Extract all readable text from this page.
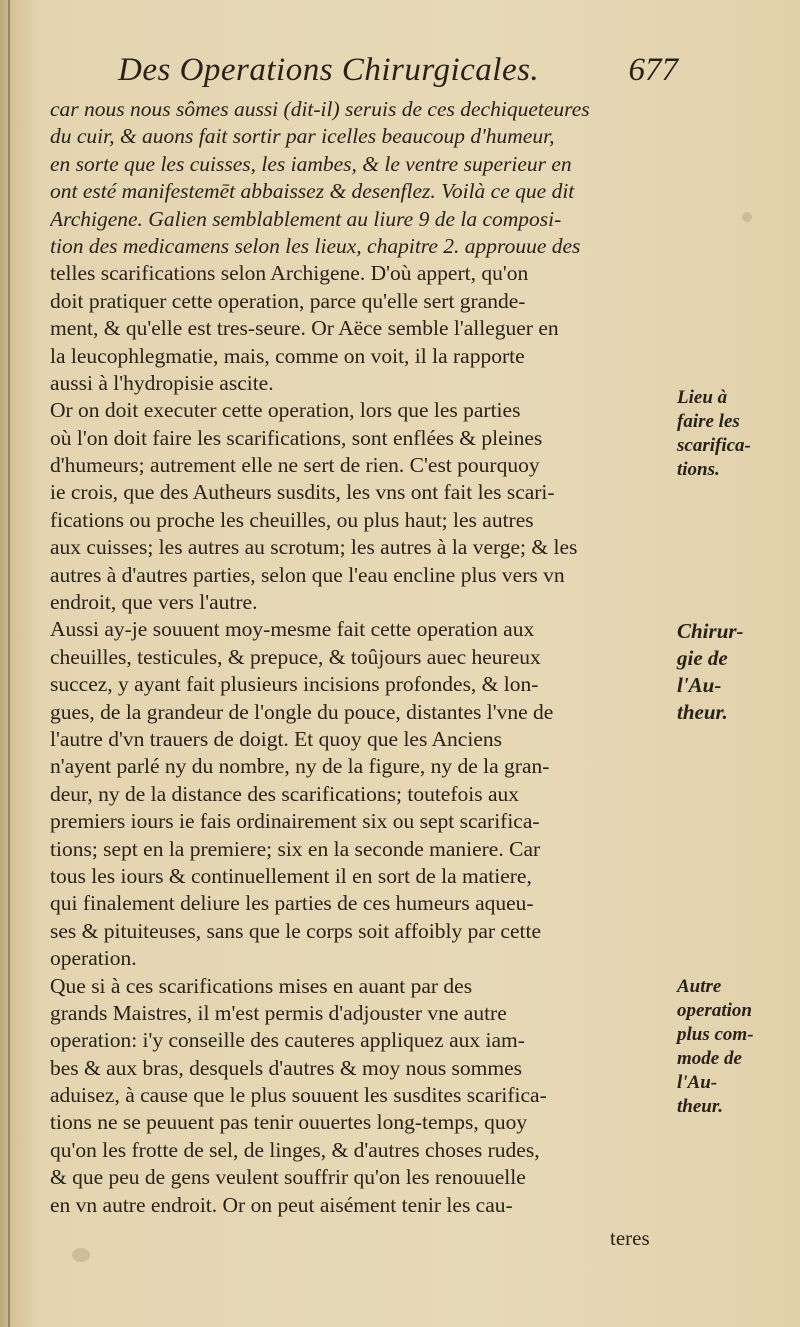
Des Operations Chirurgicales.	677
car nous nous sômes aussi (dit-il) seruis de ces dechiqueteures
du cuir, & auons fait sortir par icelles beaucoup d'humeur,
en sorte que les cuisses, les iambes, & le ventre superieur en
ont esté manifestemēt abbaissez & desenflez. Voilà ce que dit
Archigene. Galien semblablement au liure 9 de la composi-
tion des medicamens selon les lieux, chapitre 2. approuue des
telles scarifications selon Archigene. D'où appert, qu'on
doit pratiquer cette operation, parce qu'elle sert grande-
ment, & qu'elle est tres-seure. Or Aëce semble l'alleguer en
la leucophlegmatie, mais, comme on voit, il la rapporte
aussi à l'hydropisie ascite.
Or on doit executer cette operation, lors que les parties
où l'on doit faire les scarifications, sont enflées & pleines
d'humeurs; autrement elle ne sert de rien. C'est pourquoy
ie crois, que des Autheurs susdits, les vns ont fait les scari-
fications ou proche les cheuilles, ou plus haut; les autres
aux cuisses; les autres au scrotum; les autres à la verge; & les
autres à d'autres parties, selon que l'eau encline plus vers vn
endroit, que vers l'autre.
Aussi ay-je souuent moy-mesme fait cette operation aux
cheuilles, testicules, & prepuce, & toûjours auec heureux
succez, y ayant fait plusieurs incisions profondes, & lon-
gues, de la grandeur de l'ongle du pouce, distantes l'vne de
l'autre d'vn trauers de doigt. Et quoy que les Anciens
n'ayent parlé ny du nombre, ny de la figure, ny de la gran-
deur, ny de la distance des scarifications; toutefois aux
premiers iours ie fais ordinairement six ou sept scarifica-
tions; sept en la premiere; six en la seconde maniere. Car
tous les iours & continuellement il en sort de la matiere,
qui finalement deliure les parties de ces humeurs aqueu-
ses & pituiteuses, sans que le corps soit affoibly par cette
operation.
Que si à ces scarifications mises en auant par des
grands Maistres, il m'est permis d'adjouster vne autre
operation: i'y conseille des cauteres appliquez aux iam-
bes & aux bras, desquels d'autres & moy nous sommes
aduisez, à cause que le plus souuent les susdites scarifica-
tions ne se peuuent pas tenir ouuertes long-temps, quoy
qu'on les frotte de sel, de linges, & d'autres choses rudes,
& que peu de gens veulent souffrir qu'on les renouuelle
en vn autre endroit. Or on peut aisément tenir les cau-
Lieu à
faire les
scarifica-
tions.
Chirur-
gie de
l'Au-
theur.
Autre
operation
plus com-
mode de
l'Au-
theur.
teres
